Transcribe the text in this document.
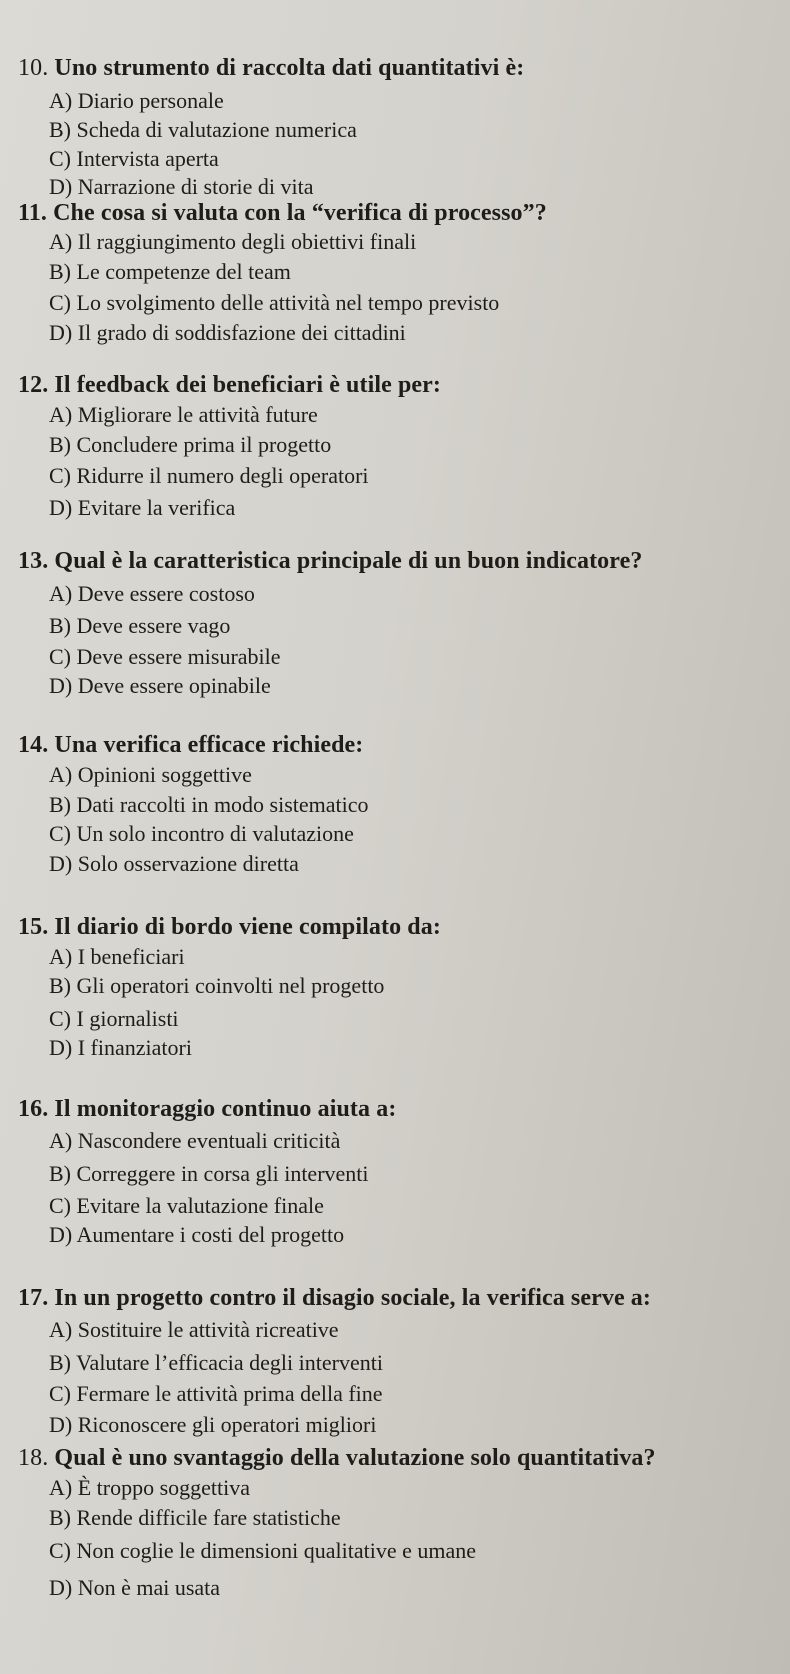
10. Uno strumento di raccolta dati quantitativi è:
A) Diario personale
B) Scheda di valutazione numerica
C) Intervista aperta
D) Narrazione di storie di vita
11. Che cosa si valuta con la “verifica di processo”?
A) Il raggiungimento degli obiettivi finali
B) Le competenze del team
C) Lo svolgimento delle attività nel tempo previsto
D) Il grado di soddisfazione dei cittadini
12. Il feedback dei beneficiari è utile per:
A) Migliorare le attività future
B) Concludere prima il progetto
C) Ridurre il numero degli operatori
D) Evitare la verifica
13. Qual è la caratteristica principale di un buon indicatore?
A) Deve essere costoso
B) Deve essere vago
C) Deve essere misurabile
D) Deve essere opinabile
14. Una verifica efficace richiede:
A) Opinioni soggettive
B) Dati raccolti in modo sistematico
C) Un solo incontro di valutazione
D) Solo osservazione diretta
15. Il diario di bordo viene compilato da:
A) I beneficiari
B) Gli operatori coinvolti nel progetto
C) I giornalisti
D) I finanziatori
16. Il monitoraggio continuo aiuta a:
A) Nascondere eventuali criticità
B) Correggere in corsa gli interventi
C) Evitare la valutazione finale
D) Aumentare i costi del progetto
17. In un progetto contro il disagio sociale, la verifica serve a:
A) Sostituire le attività ricreative
B) Valutare l’efficacia degli interventi
C) Fermare le attività prima della fine
D) Riconoscere gli operatori migliori
18. Qual è uno svantaggio della valutazione solo quantitativa?
A) È troppo soggettiva
B) Rende difficile fare statistiche
C) Non coglie le dimensioni qualitative e umane
D) Non è mai usata
